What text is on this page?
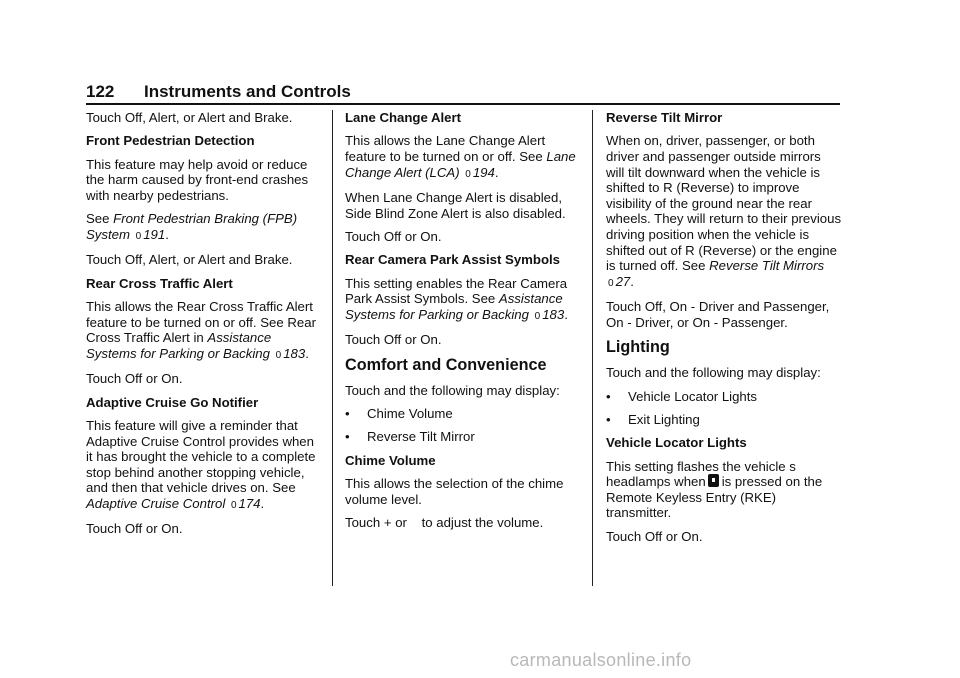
122 Instruments and Controls

Touch Off, Alert, or Alert and Brake.

Front Pedestrian Detection

This feature may help avoid or reduce the harm caused by front-end crashes with nearby pedestrians.

See Front Pedestrian Braking (FPB) System 0 191.

Touch Off, Alert, or Alert and Brake.

Rear Cross Traffic Alert

This allows the Rear Cross Traffic Alert feature to be turned on or off. See Rear Cross Traffic Alert in Assistance Systems for Parking or Backing 0 183.

Touch Off or On.

Adaptive Cruise Go Notifier

This feature will give a reminder that Adaptive Cruise Control provides when it has brought the vehicle to a complete stop behind another stopping vehicle, and then that vehicle drives on. See Adaptive Cruise Control 0 174.

Touch Off or On.

Lane Change Alert

This allows the Lane Change Alert feature to be turned on or off. See Lane Change Alert (LCA) 0 194.

When Lane Change Alert is disabled, Side Blind Zone Alert is also disabled.

Touch Off or On.

Rear Camera Park Assist Symbols

This setting enables the Rear Camera Park Assist Symbols. See Assistance Systems for Parking or Backing 0 183.

Touch Off or On.

Comfort and Convenience

Touch and the following may display:

•	Chime Volume
•	Reverse Tilt Mirror

Chime Volume

This allows the selection of the chime volume level.

Touch + or    to adjust the volume.

Reverse Tilt Mirror

When on, driver, passenger, or both driver and passenger outside mirrors will tilt downward when the vehicle is shifted to R (Reverse) to improve visibility of the ground near the rear wheels. They will return to their previous driving position when the vehicle is shifted out of R (Reverse) or the engine is turned off. See Reverse Tilt Mirrors 0 27.

Touch Off, On - Driver and Passenger, On - Driver, or On - Passenger.

Lighting

Touch and the following may display:

•	Vehicle Locator Lights
•	Exit Lighting

Vehicle Locator Lights

This setting flashes the vehicle s headlamps when is pressed on the Remote Keyless Entry (RKE) transmitter.

Touch Off or On.

carmanualsonline.info
